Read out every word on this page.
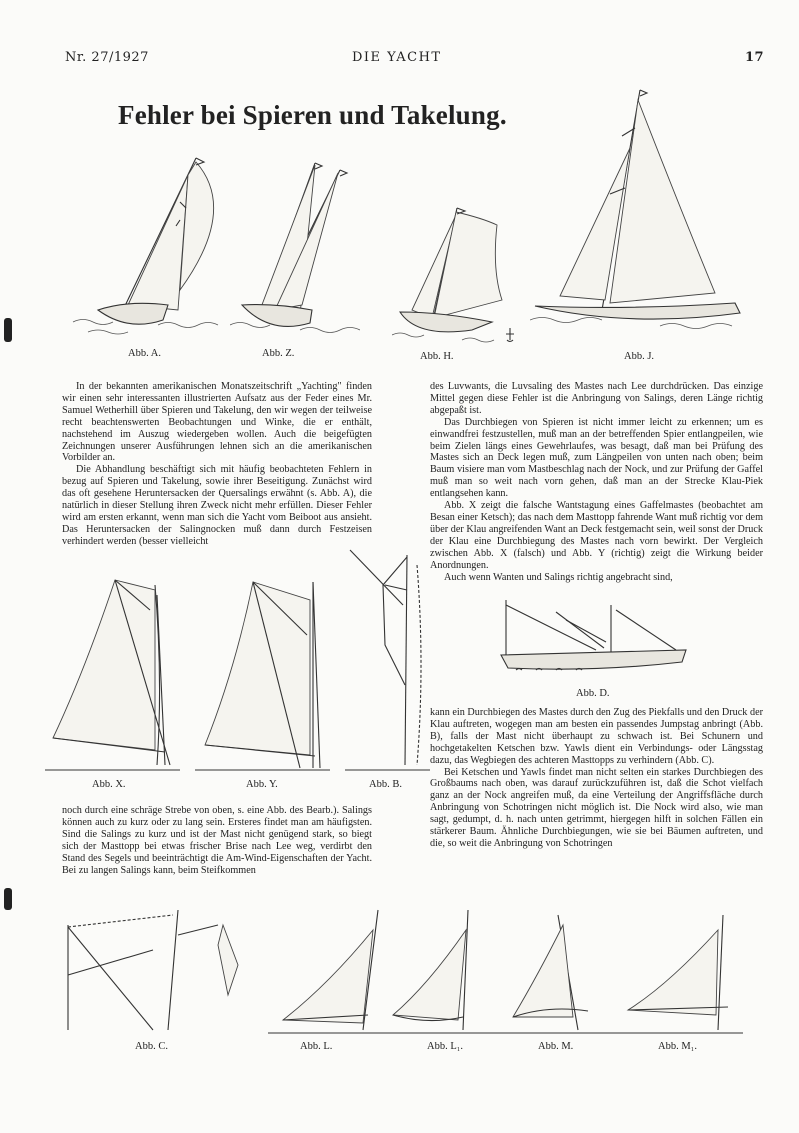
Nr. 27/1927	DIE YACHT	17
Fehler bei Spieren und Takelung.
Abb. A.	Abb. Z.	Abb. H.	Abb. J.

In der bekannten amerikanischen Monatszeitschrift „Yachting" finden wir einen sehr interessanten illustrierten Aufsatz aus der Feder eines Mr. Samuel Wetherhill über Spieren und Takelung, den wir wegen der teilweise recht beachtenswerten Beobachtungen und Winke, die er enthält, nachstehend im Auszug wiedergeben wollen. Auch die beigefügten Zeichnungen unserer Ausführungen lehnen sich an die amerikanischen Vorbilder an.

Die Abhandlung beschäftigt sich mit häufig beobachteten Fehlern in bezug auf Spieren und Takelung, sowie ihrer Beseitigung. Zunächst wird das oft gesehene Heruntersacken der Quersalings erwähnt (s. Abb. A), die natürlich in dieser Stellung ihren Zweck nicht mehr erfüllen. Dieser Fehler wird am ersten erkannt, wenn man sich die Yacht vom Beiboot aus ansieht. Das Heruntersacken der Salingnocken muß dann durch Festzeisen verhindert werden (besser vielleicht

des Luvwants, die Luvsaling des Mastes nach Lee durchdrücken. Das einzige Mittel gegen diese Fehler ist die Anbringung von Salings, deren Länge richtig abgepaßt ist.

Das Durchbiegen von Spieren ist nicht immer leicht zu erkennen; um es einwandfrei festzustellen, muß man an der betreffenden Spier entlangpeilen, wie beim Zielen längs eines Gewehrlaufes, was besagt, daß man bei Prüfung des Mastes sich an Deck legen muß, zum Längpeilen von unten nach oben; beim Baum visiere man vom Mastbeschlag nach der Nock, und zur Prüfung der Gaffel muß man so weit nach vorn gehen, daß man an der Strecke Klau-Piek entlangsehen kann.

Abb. X zeigt die falsche Wantstagung eines Gaffelmastes (beobachtet am Besan einer Ketsch); das nach dem Masttopp fahrende Want muß richtig vor dem über der Klau angreifenden Want an Deck festgemacht sein, weil sonst der Druck der Klau eine Durchbiegung des Mastes nach vorn bewirkt. Der Vergleich zwischen Abb. X (falsch) und Abb. Y (richtig) zeigt die Wirkung beider Anordnungen.

Auch wenn Wanten und Salings richtig angebracht sind,

Abb. X.	Abb. Y.	Abb. B.
Abb. D.

kann ein Durchbiegen des Mastes durch den Zug des Piekfalls und den Druck der Klau auftreten, wogegen man am besten ein passendes Jumpstag anbringt (Abb. B), falls der Mast nicht überhaupt zu schwach ist. Bei Schunern und hochgetakelten Ketschen bzw. Yawls dient ein Verbindungs- oder Längsstag dazu, das Wegbiegen des achteren Masttopps zu verhindern (Abb. C).

Bei Ketschen und Yawls findet man nicht selten ein starkes Durchbiegen des Großbaums nach oben, was darauf zurückzuführen ist, daß die Schot vielfach ganz an der Nock angreifen muß, da eine Verteilung der Angriffsfläche durch Anbringung von Schotringen nicht möglich ist. Die Nock wird also, wie man sagt, gedumpt, d. h. nach unten getrimmt, hiergegen hilft in solchen Fällen ein stärkerer Baum. Ähnliche Durchbiegungen, wie sie bei Bäumen auftreten, und die, so weit die Anbringung von Schotringen

noch durch eine schräge Strebe von oben, s. eine Abb. des Bearb.). Salings können auch zu kurz oder zu lang sein. Ersteres findet man am häufigsten. Sind die Salings zu kurz und ist der Mast nicht genügend stark, so biegt sich der Masttopp bei etwas frischer Brise nach Lee weg, verdirbt den Stand des Segels und beeinträchtigt die Am-Wind-Eigenschaften der Yacht. Bei zu langen Salings kann, beim Steifkommen

Abb. C.	Abb. L.	Abb. L₁.	Abb. M.	Abb. M₁.
